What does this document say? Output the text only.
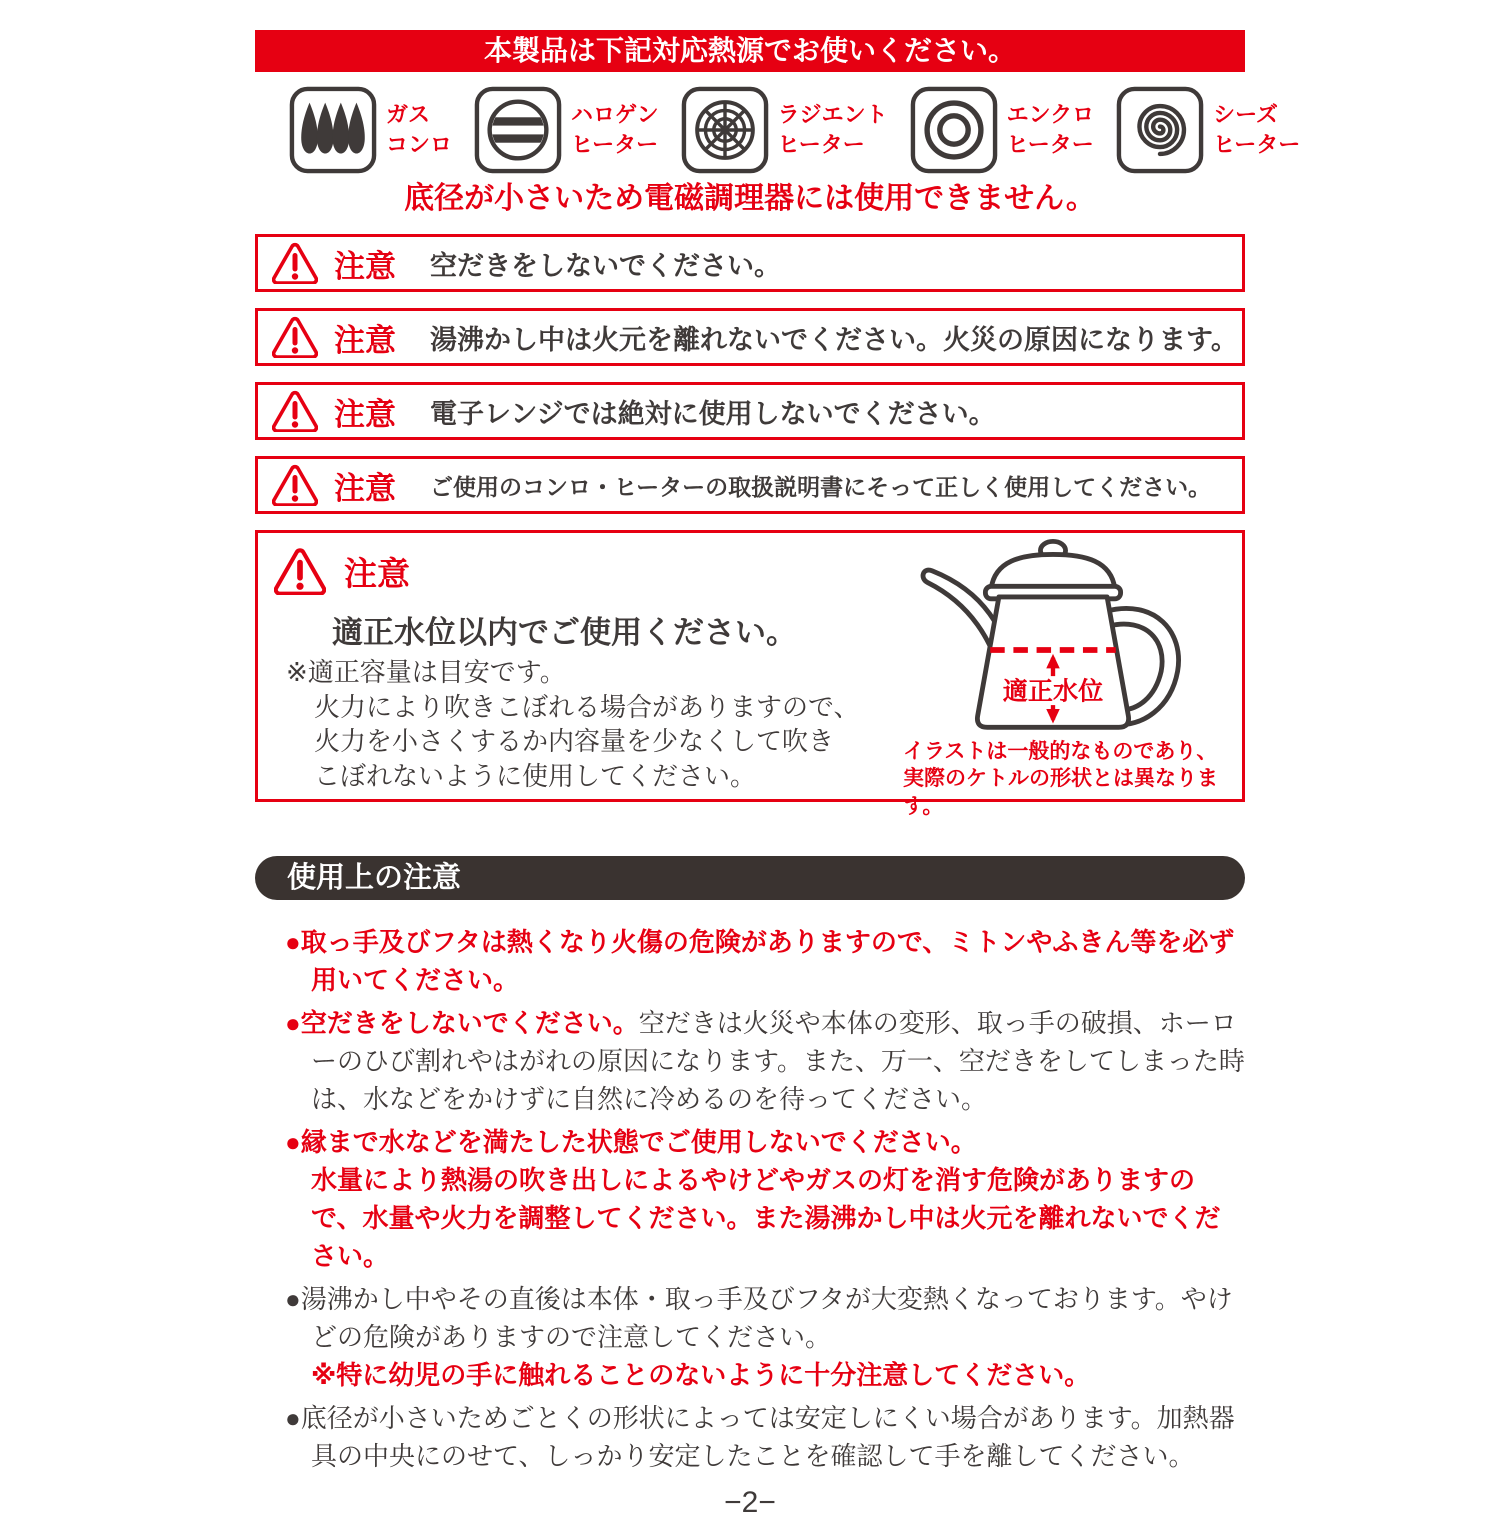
本製品は下記対応熱源でお使いください。
ガス
コンロ
ハロゲン
ヒーター
ラジエント
ヒーター
エンクロ
ヒーター
シーズ
ヒーター
底径が小さいため電磁調理器には使用できません。
注意 空だきをしないでください。
注意 湯沸かし中は火元を離れないでください。火災の原因になります。
注意 電子レンジでは絶対に使用しないでください。
注意 ご使用のコンロ・ヒーターの取扱説明書にそって正しく使用してください。
注意
適正水位以内でご使用ください。
※適正容量は目安です。
火力により吹きこぼれる場合がありますので、
火力を小さくするか内容量を少なくして吹き
こぼれないように使用してください。
適正水位
イラストは一般的なものであり、
実際のケトルの形状とは異なります。
使用上の注意

●取っ手及びフタは熱くなり火傷の危険がありますので、ミトンやふきん等を必ず用いてください。

●空だきをしないでください。空だきは火災や本体の変形、取っ手の破損、ホーローのひび割れやはがれの原因になります。また、万一、空だきをしてしまった時は、水などをかけずに自然に冷めるのを待ってください。

●縁まで水などを満たした状態でご使用しないでください。
水量により熱湯の吹き出しによるやけどやガスの灯を消す危険がありますので、水量や火力を調整してください。また湯沸かし中は火元を離れないでください。

●湯沸かし中やその直後は本体・取っ手及びフタが大変熱くなっております。やけどの危険がありますので注意してください。
※特に幼児の手に触れることのないように十分注意してください。

●底径が小さいためごとくの形状によっては安定しにくい場合があります。加熱器具の中央にのせて、しっかり安定したことを確認して手を離してください。

−2−
